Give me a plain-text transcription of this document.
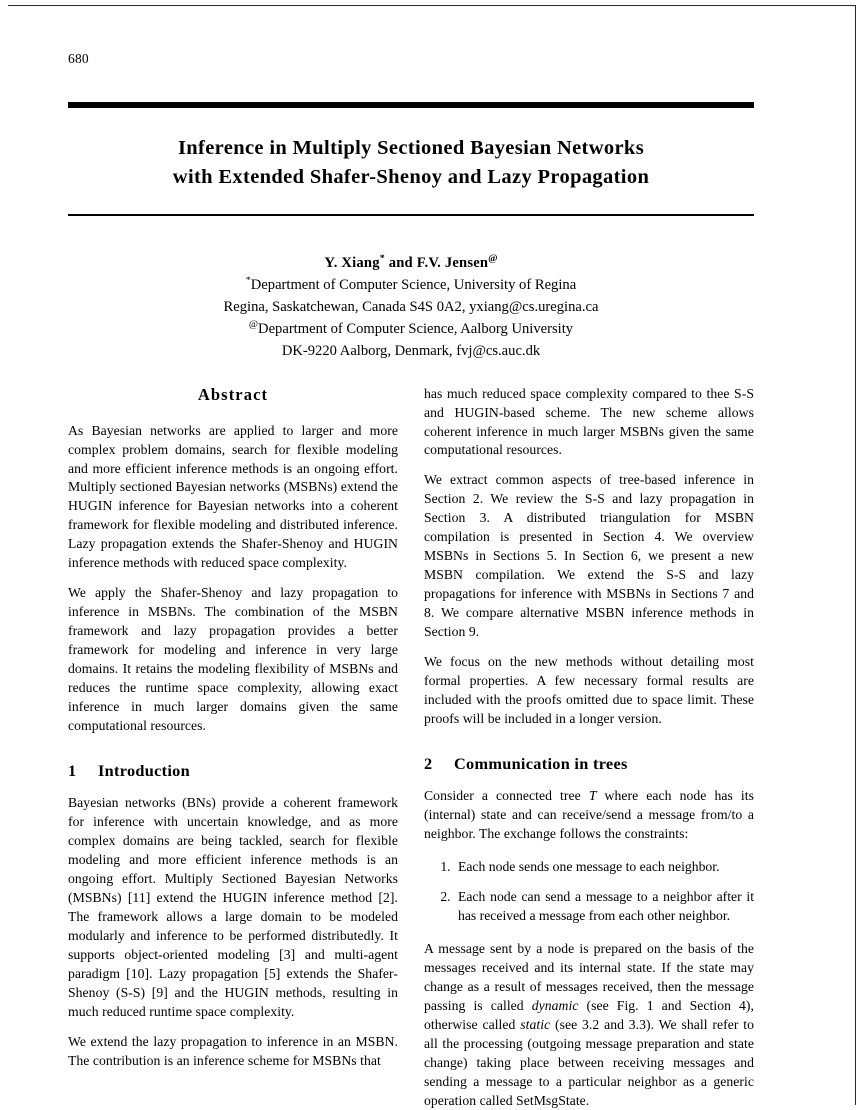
680
Inference in Multiply Sectioned Bayesian Networks
with Extended Shafer-Shenoy and Lazy Propagation
Y. Xiang* and F.V. Jensen@
*Department of Computer Science, University of Regina
Regina, Saskatchewan, Canada S4S 0A2, yxiang@cs.uregina.ca
@Department of Computer Science, Aalborg University
DK-9220 Aalborg, Denmark, fvj@cs.auc.dk
Abstract

As Bayesian networks are applied to larger and more complex problem domains, search for flexible modeling and more efficient inference methods is an ongoing effort. Multiply sectioned Bayesian networks (MSBNs) extend the HUGIN inference for Bayesian networks into a coherent framework for flexible modeling and distributed inference. Lazy propagation extends the Shafer-Shenoy and HUGIN inference methods with reduced space complexity.

We apply the Shafer-Shenoy and lazy propagation to inference in MSBNs. The combination of the MSBN framework and lazy propagation provides a better framework for modeling and inference in very large domains. It retains the modeling flexibility of MSBNs and reduces the runtime space complexity, allowing exact inference in much larger domains given the same computational resources.

1	Introduction

Bayesian networks (BNs) provide a coherent framework for inference with uncertain knowledge, and as more complex domains are being tackled, search for flexible modeling and more efficient inference methods is an ongoing effort. Multiply Sectioned Bayesian Networks (MSBNs) [11] extend the HUGIN inference method [2]. The framework allows a large domain to be modeled modularly and inference to be performed distributedly. It supports object-oriented modeling [3] and multi-agent paradigm [10]. Lazy propagation [5] extends the Shafer-Shenoy (S-S) [9] and the HUGIN methods, resulting in much reduced runtime space complexity.

We extend the lazy propagation to inference in an MSBN. The contribution is an inference scheme for MSBNs that

has much reduced space complexity compared to thee S-S and HUGIN-based scheme. The new scheme allows coherent inference in much larger MSBNs given the same computational resources.

We extract common aspects of tree-based inference in Section 2. We review the S-S and lazy propagation in Section 3. A distributed triangulation for MSBN compilation is presented in Section 4. We overview MSBNs in Sections 5. In Section 6, we present a new MSBN compilation. We extend the S-S and lazy propagations for inference with MSBNs in Sections 7 and 8. We compare alternative MSBN inference methods in Section 9.

We focus on the new methods without detailing most formal properties. A few necessary formal results are included with the proofs omitted due to space limit. These proofs will be included in a longer version.

2	Communication in trees

Consider a connected tree T where each node has its (internal) state and can receive/send a message from/to a neighbor. The exchange follows the constraints:

1. Each node sends one message to each neighbor.
2. Each node can send a message to a neighbor after it has received a message from each other neighbor.

A message sent by a node is prepared on the basis of the messages received and its internal state. If the state may change as a result of messages received, then the message passing is called dynamic (see Fig. 1 and Section 4), otherwise called static (see 3.2 and 3.3). We shall refer to all the processing (outgoing message preparation and state change) taking place between receiving messages and sending a message to a particular neighbor as a generic operation called SetMsgState.
